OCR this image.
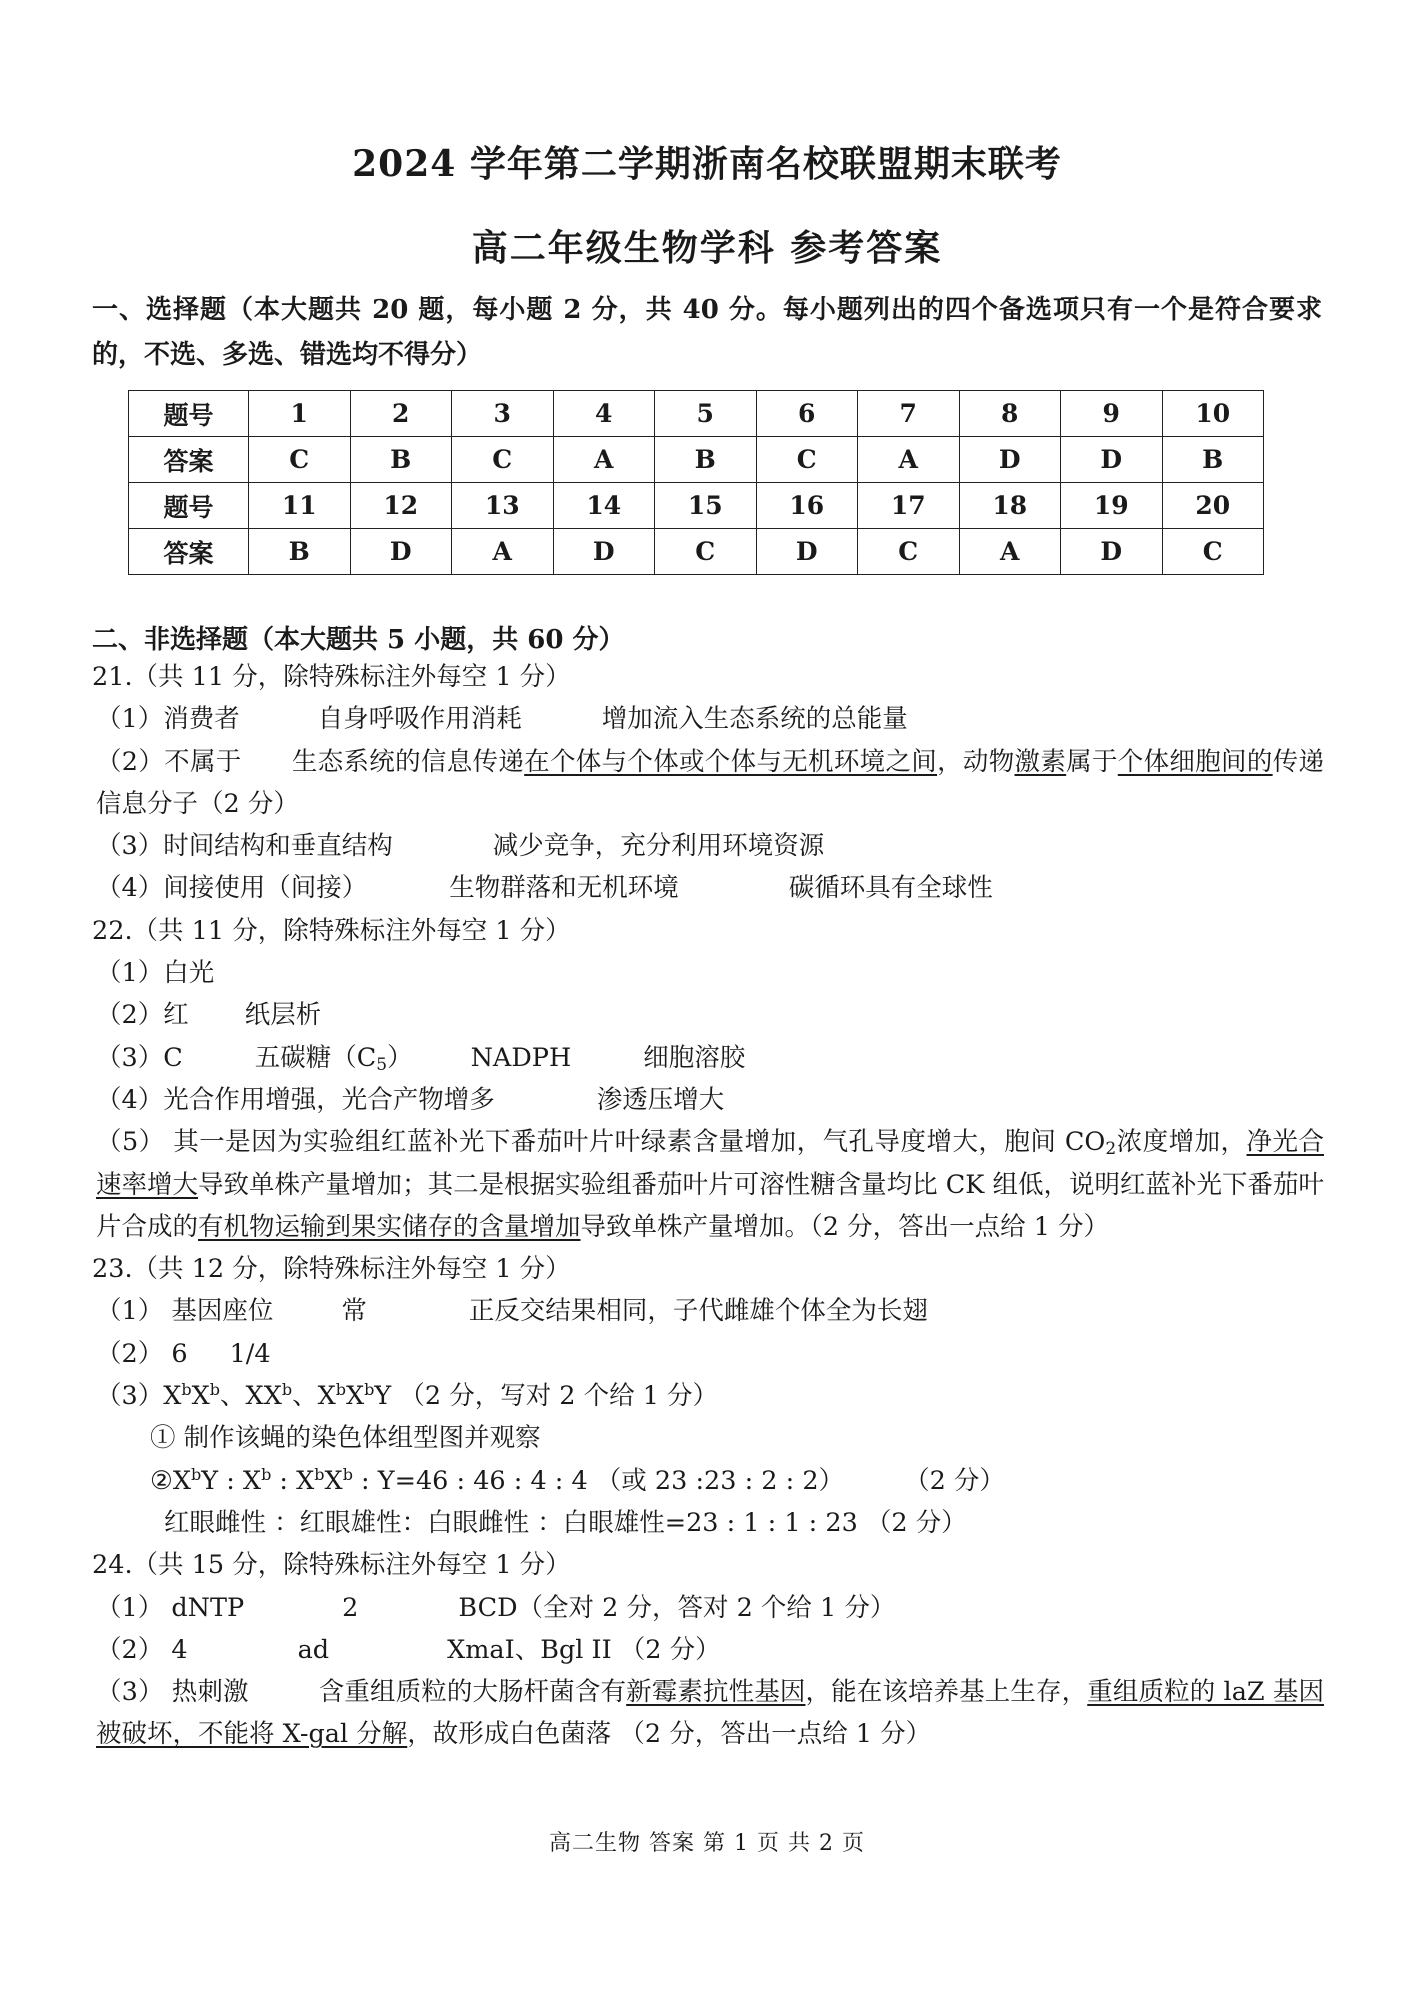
2024 学年第二学期浙南名校联盟期末联考
高二年级生物学科 参考答案
一、选择题（本大题共 20 题，每小题 2 分，共 40 分。每小题列出的四个备选项只有一个是符合要求的，不选、多选、错选均不得分）
题号	1	2	3	4	5	6	7	8	9	10
答案	C	B	C	A	B	C	A	D	D	B
题号	11	12	13	14	15	16	17	18	19	20
答案	B	D	A	D	C	D	C	A	D	C
二、非选择题（本大题共 5 小题，共 60 分）
21.（共 11 分，除特殊标注外每空 1 分）
（1）消费者	自身呼吸作用消耗	增加流入生态系统的总能量
（2）不属于 生态系统的信息传递在个体与个体或个体与无机环境之间，动物激素属于个体细胞间的传递信息分子（2 分）
（3）时间结构和垂直结构	减少竞争，充分利用环境资源
（4）间接使用（间接）	生物群落和无机环境	碳循环具有全球性
22.（共 11 分，除特殊标注外每空 1 分）
（1）白光
（2）红 纸层析
（3）C	五碳糖$(C_5)$ NADPH	细胞溶胶
（4）光合作用增强，光合产物增多	渗透压增大
（5） 其一是因为实验组红蓝补光下番茄叶片叶绿素含量增加，气孔导度增大，胞间 $CO_2$浓度增加，净光合速率增大导致单株产量增加；其二是根据实验组番茄叶片可溶性糖含量均比 CK 组低，说明红蓝补光下番茄叶片合成的有机物运输到果实储存的含量增加导致单株产量增加。（2 分，答出一点给 1 分）
23.（共 12 分，除特殊标注外每空 1 分）
（1） 基因座位	常	正反交结果相同，子代雌雄个体全为长翅
（2） 6 1/4
$(3)X^bX^b$、$XX^b$、$X^bX^bY$ （2 分，写对 2 个给 1 分）
① 制作该蝇的染色体组型图并观察
$②X^bY$ : $X^b$ : $X^bX^b$ : Y=46 : 46 : 4 : 4 （或 23 :23 : 2 : 2） （2 分）
红眼雌性 ：红眼雄性：白眼雌性 ：白眼雄性=23 : 1 : 1 : 23 （2 分）
24.（共 15 分，除特殊标注外每空 1 分）
（1） dNTP	2	BCD（全对 2 分，答对 2 个给 1 分）
（2） 4	ad	XmaI、Bgl II （2 分）
（3） 热刺激	含重组质粒的大肠杆菌含有新霉素抗性基因，能在该培养基上生存，重组质粒的 laZ 基因被破坏，不能将 X-gal 分解，故形成白色菌落 （2 分，答出一点给 1 分）
高二生物 答案 第 1 页 共 2 页
